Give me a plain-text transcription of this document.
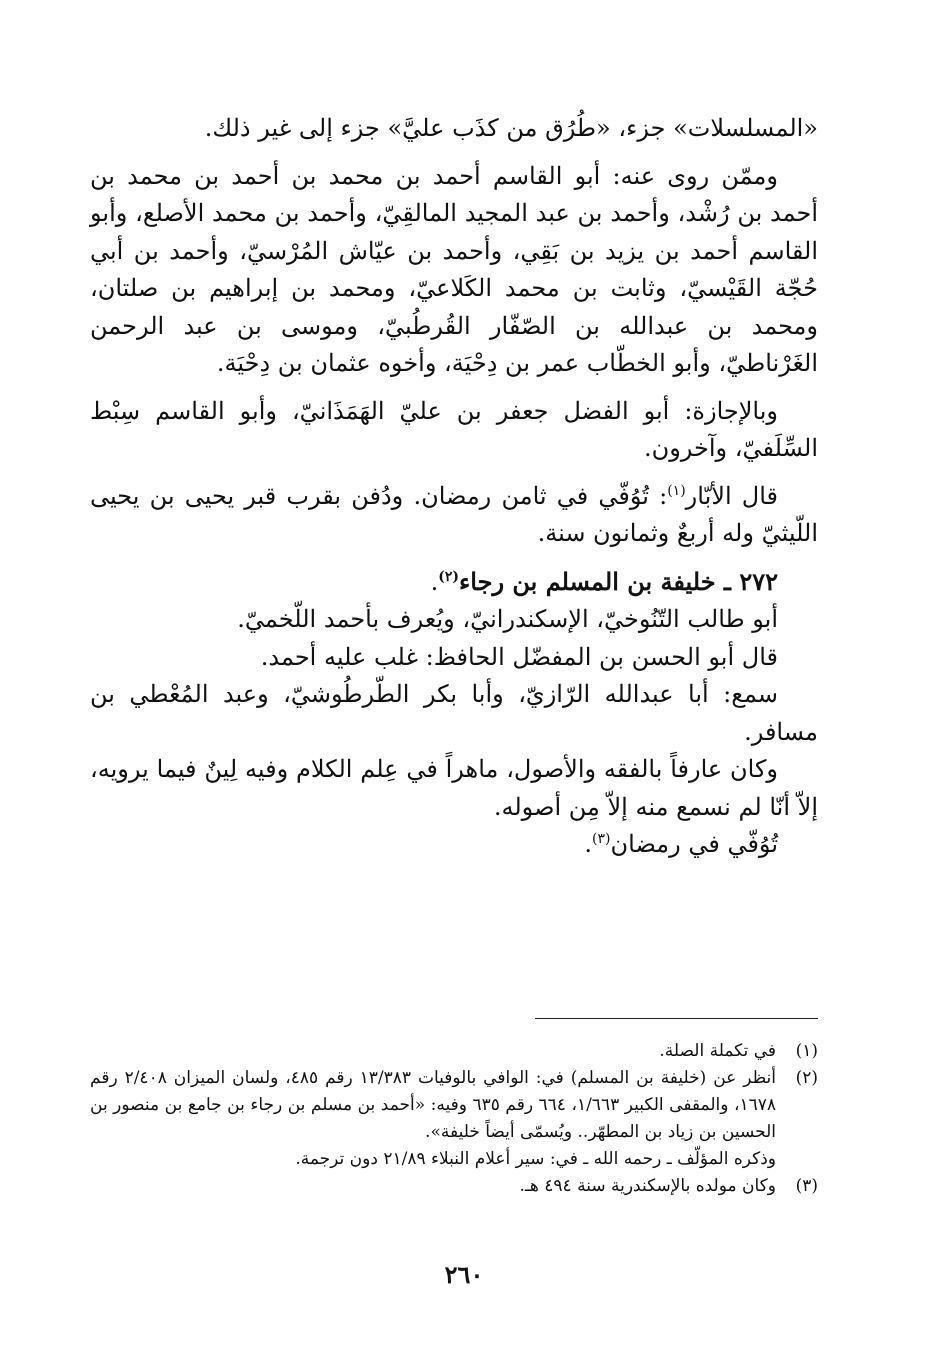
«المسلسلات» جزء، «طُرُق من كذَب عليَّ» جزء إلى غير ذلك.

وممّن روى عنه: أبو القاسم أحمد بن محمد بن أحمد بن محمد بن أحمد بن رُشْد، وأحمد بن عبد المجيد المالقِيّ، وأحمد بن محمد الأصلع، وأبو القاسم أحمد بن يزيد بن بَقِي، وأحمد بن عيّاش المُرْسيّ، وأحمد بن أبي حُجّة القَيْسيّ، وثابت بن محمد الكَلاعيّ، ومحمد بن إبراهيم بن صلتان، ومحمد بن عبدالله بن الصّفّار القُرطُبيّ، وموسى بن عبد الرحمن الغَرْناطيّ، وأبو الخطّاب عمر بن دِحْيَة، وأخوه عثمان بن دِحْيَة.

وبالإجازة: أبو الفضل جعفر بن عليّ الهَمَذَانيّ، وأبو القاسم سِبْط السِّلَفيّ، وآخرون.

قال الأبّار$^{(١)}$: تُوُفّي في ثامن رمضان. ودُفن بقرب قبر يحيى بن يحيى اللّيثيّ وله أربعٌ وثمانون سنة.

٢٧٢ ـ خليفة بن المسلم بن رجاء$^{(٢)}$.

أبو طالب التّنُوخيّ، الإسكندرانيّ، ويُعرف بأحمد اللّخميّ.

قال أبو الحسن بن المفضّل الحافظ: غلب عليه أحمد.

سمع: أبا عبدالله الرّازيّ، وأبا بكر الطّرطُوشيّ، وعبد المُعْطي بن مسافر.

وكان عارفاً بالفقه والأصول، ماهراً في عِلم الكلام وفيه لِينٌ فيما يرويه، إلاّ أنّا لم نسمع منه إلاّ مِن أصوله.

تُوُفّي في رمضان$^{(٣)}$.

(١)
في تكملة الصلة.
(٢)
أنظر عن (خليفة بن المسلم) في: الوافي بالوفيات ١٣/٣٨٣ رقم ٤٨٥، ولسان الميزان ٢/٤٠٨ رقم ١٦٧٨، والمقفى الكبير ١/٦٦٣، ٦٦٤ رقم ٦٣٥ وفيه: «أحمد بن مسلم بن رجاء بن جامع بن منصور بن الحسين بن زياد بن المطهّر.. ويُسمّى أيضاً خليفة».
وذكره المؤلّف ـ رحمه الله ـ في: سير أعلام النبلاء ٢١/٨٩ دون ترجمة.
(٣)
وكان مولده بالإسكندرية سنة ٤٩٤ هـ.
٢٦٠
